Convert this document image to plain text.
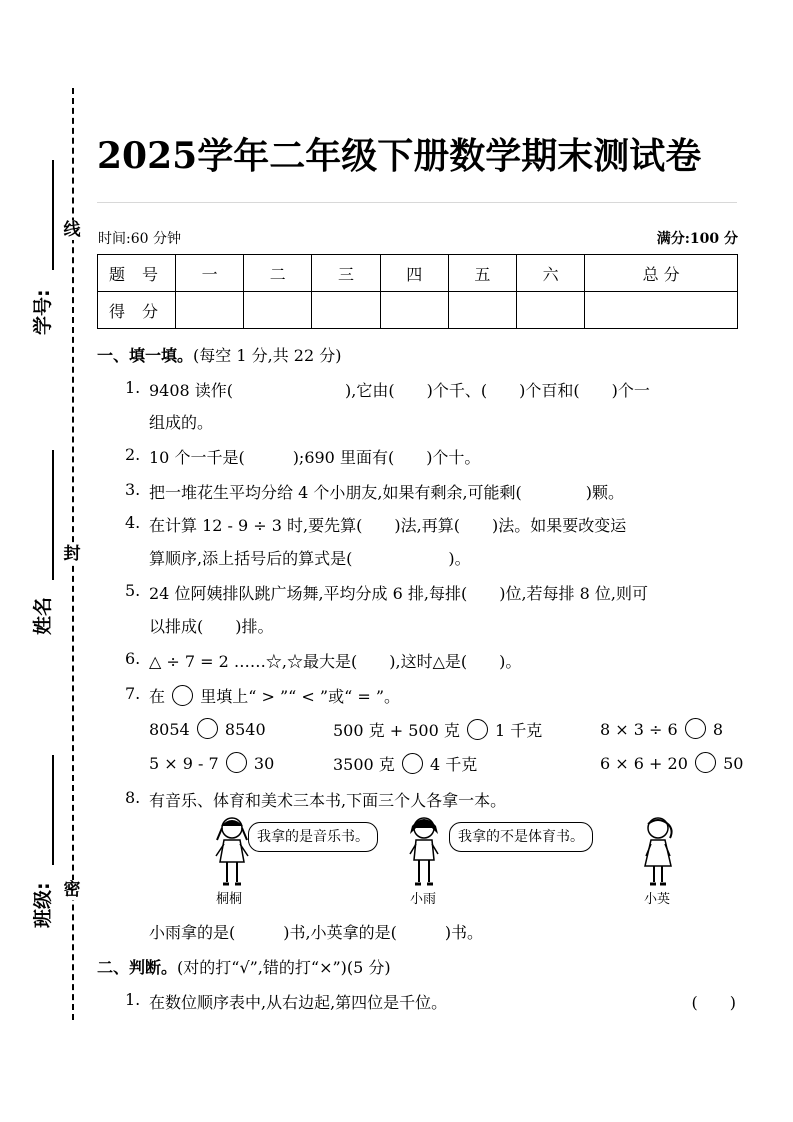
线
封
密
学号:
姓名
班级:
2025学年二年级下册数学期末测试卷
时间:60 分钟	满分:100 分
题 号	一	二	三	四	五	六	总 分
得 分							
一、填一填。(每空 1 分,共 22 分)
1. 9408 读作(　　　　　　　),它由(　　)个千、(　　)个百和(　　)个一
组成的。
2. 10 个一千是(　　　);690 里面有(　　)个十。
3. 把一堆花生平均分给 4 个小朋友,如果有剩余,可能剩(　　　　)颗。
4. 在计算 12 - 9 ÷ 3 时,要先算(　　)法,再算(　　)法。如果要改变运
算顺序,添上括号后的算式是(　　　　　　)。
5. 24 位阿姨排队跳广场舞,平均分成 6 排,每排(　　)位,若每排 8 位,则可
以排成(　　)排。
6. △ ÷ 7 = 2 ……☆,☆最大是(　　),这时△是(　　)。
7. 在 里填上“ > ”“ < ”或“ = ”。
8054 8540	500 克 + 500 克 1 千克	8 × 3 ÷ 6 8
5 × 9 - 7 30	3500 克 4 千克	6 × 6 + 20 50
8. 有音乐、体育和美术三本书,下面三个人各拿一本。
我拿的是音乐书。
桐桐
我拿的不是体育书。
小雨	小英
小雨拿的是(　　　)书,小英拿的是(　　　)书。
二、判断。(对的打“√”,错的打“×”)(5 分)
1. 在数位顺序表中,从右边起,第四位是千位。	(　　)
